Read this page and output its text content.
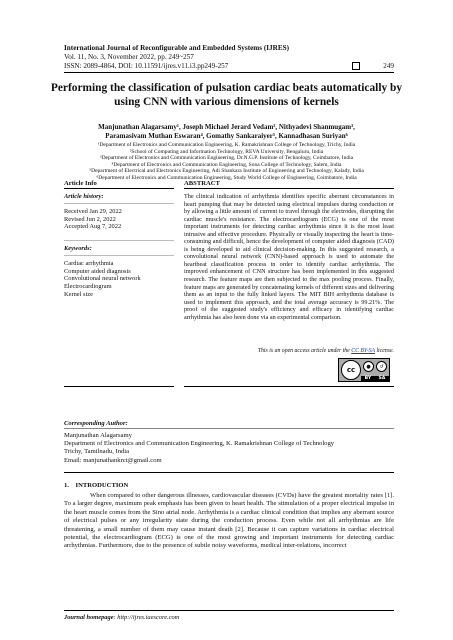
International Journal of Reconfigurable and Embedded Systems (IJRES)
Vol. 11, No. 3, November 2022, pp. 249~257
ISSN: 2089-4864, DOI: 10.11591/ijres.v11.i3.pp249-257	249
Performing the classification of pulsation cardiac beats automatically by using CNN with various dimensions of kernels
Manjunathan Alagarsamy¹, Joseph Michael Jerard Vedam², Nithyadevi Shanmugam³,
Paramasivam Muthan Eswaran⁴, Gomathy Sankaraiyer⁵, Kannadhasan Suriyan⁶
¹Department of Electronics and Communication Engineering, K. Ramakrishnan College of Technology, Trichy, India
²School of Computing and Information Technology, REVA University, Bengaluru, India
³Department of Electronics and Communication Engineering, Dr.N.G.P. Institute of Technology, Coimbatore, India
⁴Department of Electronics and Communication Engineering, Sona College of Technology, Salem, India
⁵Department of Electrical and Electronics Engineering, Adi Shankara Institute of Engineering and Technology, Kalady, India
⁶Department of Electronics and Communication Engineering, Study World College of Engineering, Coimbatore, India
Article Info	ABSTRACT
Article history:
Received Jan 29, 2022
Revised Jun 2, 2022
Accepted Aug 7, 2022
Keywords:
Cardiac arrhythmia
Computer aided diagnosis
Convolutional neural network
Electrocardiogram
Kernel size
The clinical indication of arrhythmia identifies specific aberrant circumstances in heart pumping that may be detected using electrical impulses during conduction or by allowing a little amount of current to travel through the electrodes, disrupting the cardiac muscle's resistance. The electrocardiogram (ECG) is one of the most important instruments for detecting cardiac arrhythmia since it is the most least intrusive and effective procedure. Physically or visually inspecting the heart is time-consuming and difficult, hence the development of computer aided diagnosis (CAD) is being developed to aid clinical decision-making. In this suggested research, a convolutional neural network (CNN)-based approach is used to automate the heartbeat classification process in order to identify cardiac arrhythmia. The improved enhancement of CNN structure has been implemented in this suggested research. The feature maps are then subjected to the max pooling process. Finally, feature maps are generated by concatenating kernels of different sizes and delivering them as an input to the fully linked layers. The MIT BIH arrhythmia database is used to implement this approach, and the total average accuracy is 99.21%. The proof of the suggested study's efficiency and efficacy in identifying cardiac arrhythmia has also been done via an experimental comparison.
This is an open access article under the CC BY-SA license.
cc	●	↺
BY SA
Corresponding Author:
Manjunathan Alagarsamy
Department of Electronics and Communication Engineering, K. Ramakrishnan College of Technology
Trichy, Tamilnadu, India
Email: manjunathankrct@gmail.com
1.    INTRODUCTION
When compared to other dangerous illnesses, cardiovascular diseases (CVDs) have the greatest mortality rates [1]. To a larger degree, maximum peak emphasis has been given to heart health. The stimulation of a proper electrical impulse in the heart muscle comes from the Sino atrial node. Arrhythmia is a cardiac clinical condition that implies any aberrant source of electrical pulses or any irregularity state during the conduction process. Even while not all arrhythmias are life threatening, a small number of them may cause instant death [2]. Because it can capture variations in cardiac electrical potential, the electrocardiogram (ECG) is one of the most growing and important instruments for detecting cardiac arrhythmias. Furthermore, due to the presence of subtle noisy waveforms, medical inter-relations, incorrect
Journal homepage: http://ijres.iaescore.com
